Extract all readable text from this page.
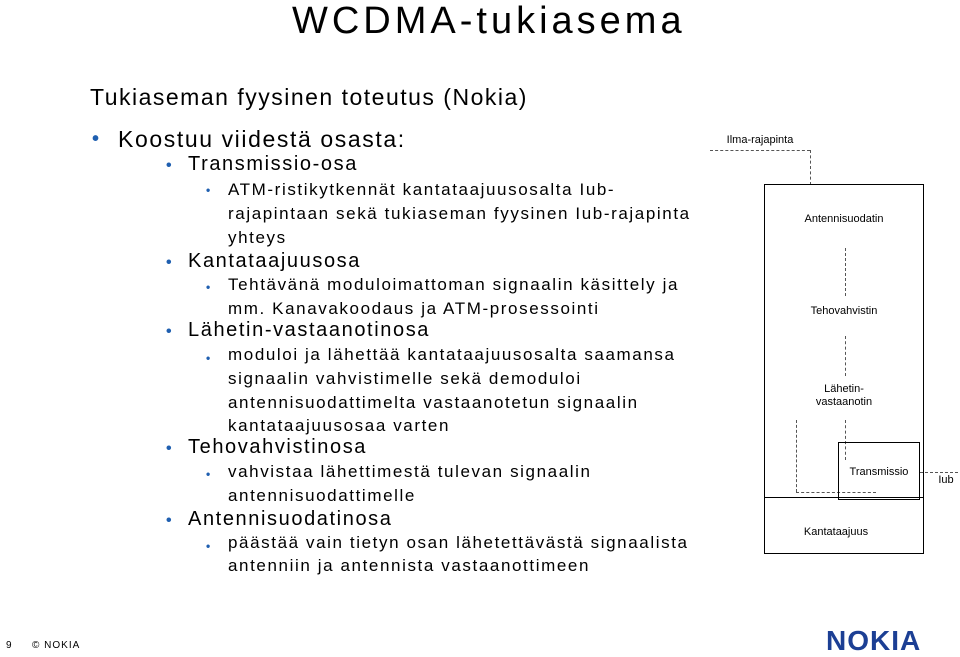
WCDMA-tukiasema
Tukiaseman fyysinen toteutus (Nokia)
• Koostuu viidestä osasta:
• Transmissio-osa
• ATM-ristikytkennät kantataajuusosalta Iub-
rajapintaan sekä tukiaseman fyysinen Iub-rajapinta
yhteys
• Kantataajuusosa
• Tehtävänä moduloimattoman signaalin käsittely ja
mm. Kanavakoodaus ja ATM-prosessointi
• Lähetin-vastaanotinosa
• moduloi ja lähettää kantataajuusosalta saamansa
signaalin vahvistimelle sekä demoduloi
antennisuodattimelta vastaanotetun signaalin
kantataajuusosaa varten
• Tehovahvistinosa
• vahvistaa lähettimestä tulevan signaalin
antennisuodattimelle
• Antennisuodatinosa
• päästää vain tietyn osan lähetettävästä signaalista
antenniin ja antennista vastaanottimeen
Ilma-rajapinta
Antennisuodatin
Tehovahvistin
Lähetin-
vastaanotin
Transmissio
Iub
Kantataajuus
9 © NOKIA	NOKIA
